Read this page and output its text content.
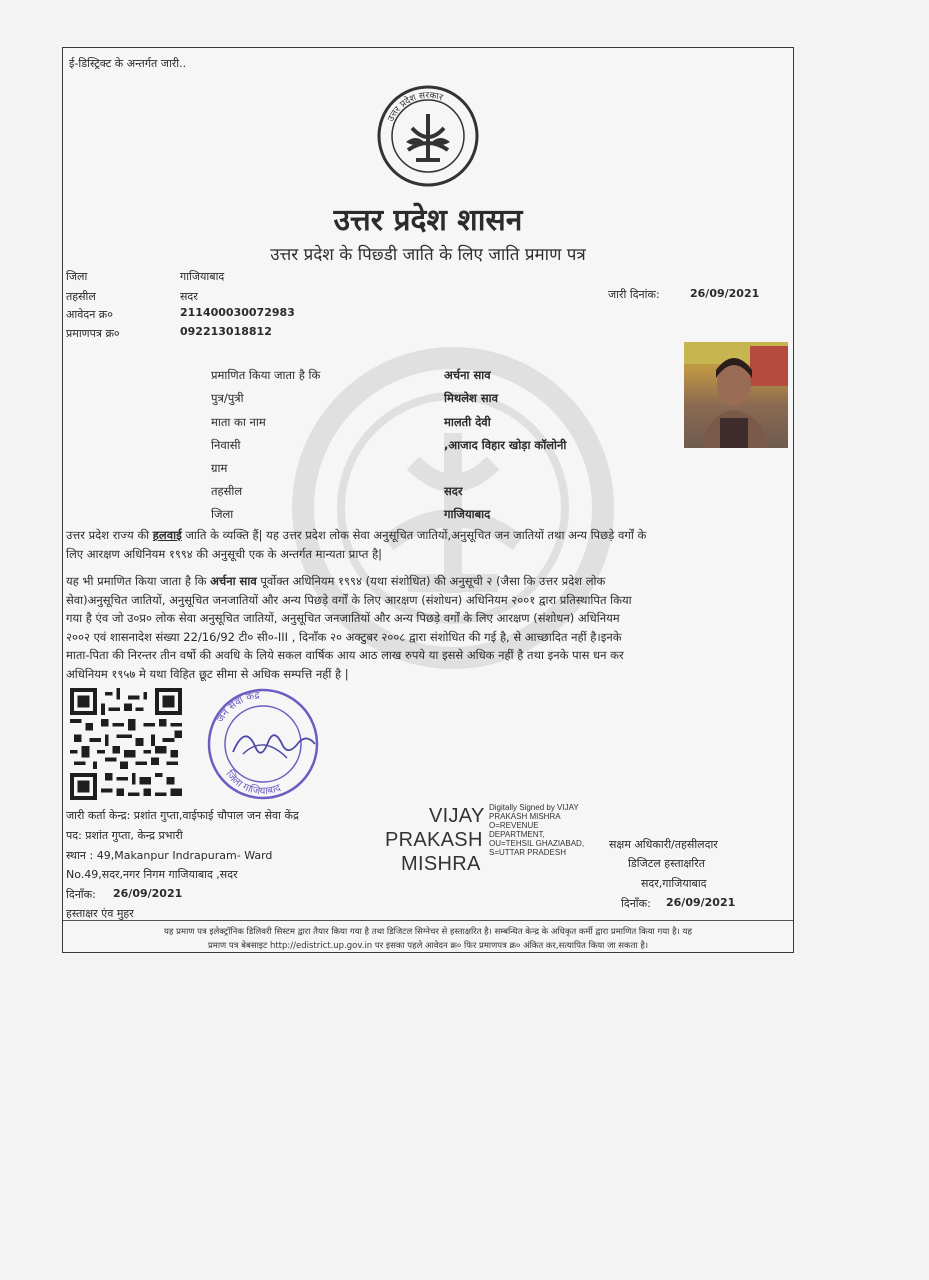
ई-डिस्ट्रिक्ट के अन्तर्गत जारी..
उत्तर प्रदेश सरकार
उत्तर प्रदेश शासन
उत्तर प्रदेश के पिछ्डी जाति के लिए जाति प्रमाण पत्र
जिला	गाजियाबाद
तहसील	सदर
आवेदन क्र०	211400030072983
प्रमाणपत्र क्र०	092213018812
जारी दिनांक:	26/09/2021
प्रमाणित किया जाता है कि	अर्चना साव
पुत्र/पुत्री	मिथलेश साव
माता का नाम	मालती देवी
निवासी	,आजाद विहार खोड़ा कॉलोनी
ग्राम
तहसील	सदर
जिला	गाजियाबाद
उत्तर प्रदेश राज्य की हलवाई जाति के व्यक्ति हैं| यह उत्तर प्रदेश लोक सेवा अनुसूचित जातियों,अनुसूचित जन जातियों तथा अन्य पिछड़े वर्गों के
लिए आरक्षण अधिनियम १९९४ की अनुसूची एक के अन्तर्गत मान्यता प्राप्त है|
यह भी प्रमाणित किया जाता है कि अर्चना साव पूर्वोक्त अधिनियम १९९४ (यथा संशोधित) की अनुसूची २ (जैसा कि उत्तर प्रदेश लोक
सेवा)अनुसूचित जातियों, अनुसूचित जनजातियों और अन्य पिछड़े वर्गों के लिए आरक्षण (संशोधन) अधिनियम २००१ द्वारा प्रतिस्थापित किया
गया है एंव जो उ०प्र० लोक सेवा अनुसूचित जातियों, अनुसूचित जनजातियों और अन्य पिछड़े वर्गों के लिए आरक्षण (संशोधन) अधिनियम
२००२ एवं शासनादेश संख्या 22/16/92 टी० सी०-III , दिनाँक २० अक्टुबर २००८ द्वारा संशोधित की गई है, से आच्छादित नहीं है।इनके
माता-पिता की निरन्तर तीन वर्षो की अवधि के लिये सकल वार्षिक आय आठ लाख रुपये या इससे अधिक नहीं है तथा इनके पास धन कर
अधिनियम १९५७ मे यथा विहित छूट सीमा से अधिक सम्पत्ति नहीं है |
जन सेवा केंद्र
जिला गाजियाबाद
जारी कर्ता केन्द्र: प्रशांत गुप्ता,वाईफाई चौपाल जन सेवा केंद्र
पद: प्रशांत गुप्ता, केन्द्र प्रभारी
स्थान : 49,Makanpur Indrapuram- Ward
No.49,सदर,नगर निगम गाजियाबाद ,सदर
दिनाँक: 26/09/2021
हस्ताक्षर एंव मुहर
VIJAY
PRAKASH
MISHRA
Digitally Signed by VIJAY
PRAKASH MISHRA
O=REVENUE
DEPARTMENT,
OU=TEHSIL GHAZIABAD,
S=UTTAR PRADESH
सक्षम अधिकारी/तहसीलदार
डिजिटल हस्ताक्षरित
सदर,गाजियाबाद
दिनाँक: 26/09/2021
यह प्रमाण पत्र इलेक्ट्रॉनिक डिलिवरी सिस्टम द्वारा तैयार किया गया है तथा डिजिटल सिग्नेचर से हस्ताक्षरित है। सम्बन्धित केन्द्र के अधिकृत कर्मी द्वारा प्रमाणित किया गया है। यह
प्रमाण पत्र बेबसाइट http://edistrict.up.gov.in पर इसका पहले आवेदन क्र० फिर प्रमाणपत्र क्र० अंकित कर,सत्यापित किया जा सकता है।
